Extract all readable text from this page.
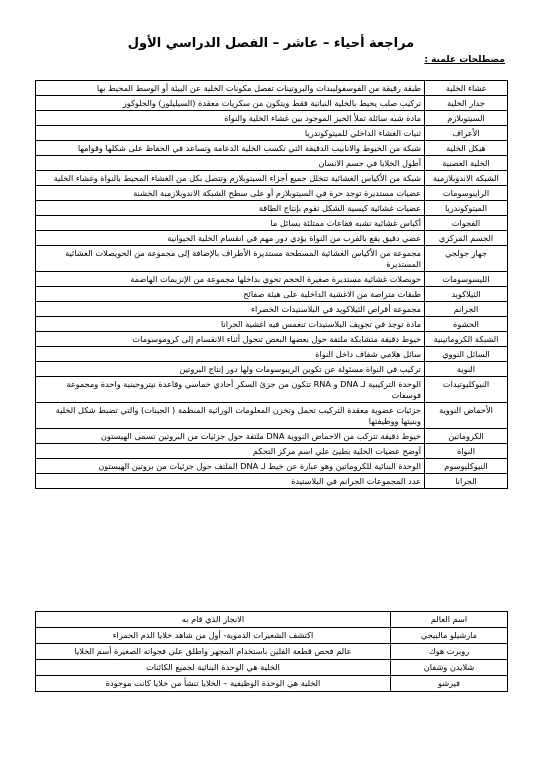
مراجعة أحياء – عاشر – الفصل الدراسي الأول
مصطلحات علمية :
غشاء الخلية	طبقة رقيقة من الفوسفوليبدات والبروتينات تفصل مكونات الخلية عن البيئة أو الوسط المحيط بها
جدار الخلية	تركيب صلب يحيط بالخلية النباتية فقط ويتكون من سكريات معقدة (السيليلوز) والجلوكوز
السيتوبلازم	مادة شبه سائلة تملأ الحيز الموجود بين غشاء الخلية والنواة
الأعراف	ثنيات الغشاء الداخلي للميتوكوندريا
هيكل الخلية	شبكة من الخيوط والانابيب الدقيقة التي تكسب الخلية الدعامة وتساعد في الحفاظ على شكلها وقوامها
الخلية العصبية	أطول الخلايا في جسم الانسان
الشبكة الاندوبلازمية	شبكة من الأكياس الغشائية تتخلل جميع أجزاء السيتوبلازم وتتصل بكل من الغشاء المحيط بالنواة وغشاء الخلية
الرايبوسومات	عضيات مستديرة توجد حرة في السيتوبلازم أو على سطح الشبكة الاندوبلازمية الخشنة
الميتوكوندريا	عضيات غشائية كيسية الشكل تقوم بإنتاج الطاقة
الفجوات	أكياس غشائية تشبه فقاعات ممتلئة بسائل ما
الجسم المركزي	عضي دقيق يقع بالقرب من النواة يؤدي دور مهم في انقسام الخلية الحيوانية
جهاز جولجي	مجموعة من الأكياس الغشائية المسطحة مستديرة الأطراف بالإضافة إلى مجموعة من الحويصلات الغشائية المستديرة
الليسوسومات	حويصلات غشائية مستديرة صغيرة الحجم تحوي بداخلها مجموعة من الإنزيمات الهاضمة
الثيلاكويد	طبقات متراصة من الاغشية الداخلية على هيئة صفائح
الجرانم	مجموعة أقراص الثيلاكويد في البلاستيدات الخضراء
الحشوة	مادة توجد في تجويف البلاستيدات تنغمس فيه اغشية الجرانا
الشبكة الكروماتينية	خيوط دقيقة متشابكة ملتفة حول بعضها البعض تتحول أثناء الانقسام إلى كروموسومات
السائل النووي	سائل هلامي شفاف داخل النواة
النوية	تركيب في النواة مسئولة عن تكوين الريبوسومات ولها دور إنتاج البروتين
النيوكليوتيدات	الوحدة التركيبية لـ DNA و RNA تتكون من جزئ السكر أحادي خماسي وقاعدة نيتروجينية واحدة ومجموعة فوسفات
الأحماض النووية	جزئيات عضوية معقدة التركيب تحمل وتخزن المعلومات الوراثية المنظمة ( الجينات) والتي تضبط شكل الخلية وبنيتها ووظيفتها
الكروماتين	خيوط دقيقة تتركب من الاحماض النووية DNA ملتفة حول جزئيات من البروتين تسمى الهيستون
النواة	أوضح عضيات الخلية بطيئ علي اسم مركز التحكم
النيوكليوسوم	الوحدة البنائية للكروماتين وهو عبارة عن خيط لـ DNA الملتف حول جزئيات من بروتين الهيستون
الجرانا	عدد المجموعات الجرانم في البلاستيدة
اسم العالم	الانجاز الذي قام به
مارشيلو مالبيجي	اكتشف الشعيرات الدموية- أول من شاهد خلايا الدم الحمراء
روبرت هوك	عالم فحص قطعة الفلين باستخدام المجهر واطلق علي فجواته الصغيرة أسم الخلايا
شلايدن وشفان	الخلية هي الوحدة البنائية لجميع الكائنات
فيرشو	الخلية هي الوحدة الوظيفية – الخلايا تنشأ من خلايا كانت موجودة
